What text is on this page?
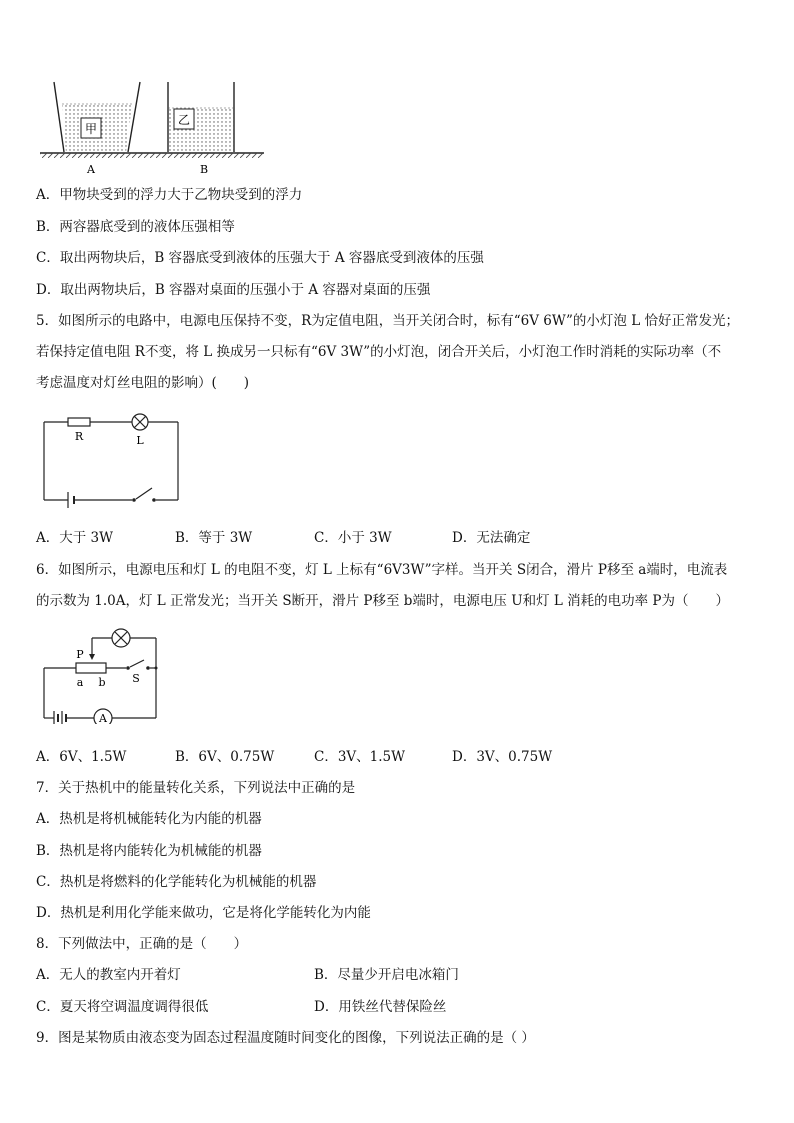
甲
乙
A	B
A．甲物块受到的浮力大于乙物块受到的浮力
B．两容器底受到的液体压强相等
C．取出两物块后，B 容器底受到液体的压强大于 A 容器底受到液体的压强
D．取出两物块后，B 容器对桌面的压强小于 A 容器对桌面的压强
5．如图所示的电路中，电源电压保持不变，R为定值电阻，当开关闭合时，标有“6V 6W”的小灯泡 L 恰好正常发光；
若保持定值电阻 R不变，将 L 换成另一只标有“6V 3W”的小灯泡，闭合开关后，小灯泡工作时消耗的实际功率（不
考虑温度对灯丝电阻的影响）(　　)
R	L
A．大于 3W	B．等于 3W	C．小于 3W	D．无法确定
6．如图所示，电源电压和灯 L 的电阻不变，灯 L 上标有“6V3W”字样。当开关 S闭合，滑片 P移至 a端时，电流表
的示数为 1.0A，灯 L 正常发光；当开关 S断开，滑片 P移至 b端时，电源电压 U和灯 L 消耗的电功率 P为（　　）
A
P
a b S
A．6V、1.5W	B．6V、0.75W	C．3V、1.5W	D．3V、0.75W
7．关于热机中的能量转化关系，下列说法中正确的是
A．热机是将机械能转化为内能的机器
B．热机是将内能转化为机械能的机器
C．热机是将燃料的化学能转化为机械能的机器
D．热机是利用化学能来做功，它是将化学能转化为内能
8．下列做法中，正确的是（　　）
A．无人的教室内开着灯	B．尽量少开启电冰箱门
C．夏天将空调温度调得很低	D．用铁丝代替保险丝
9．图是某物质由液态变为固态过程温度随时间变化的图像，下列说法正确的是（ ）
